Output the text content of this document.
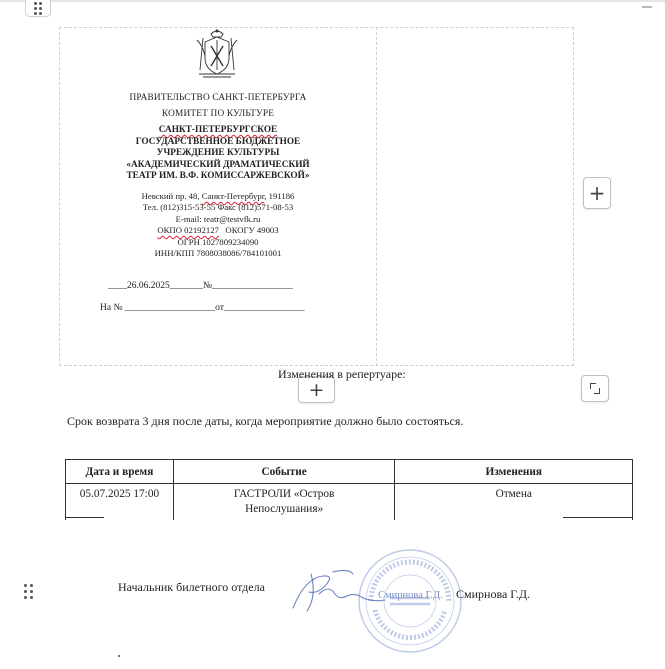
ПРАВИТЕЛЬСТВО САНКТ-ПЕТЕРБУРГА
КОМИТЕТ ПО КУЛЬТУРЕ
САНКТ-ПЕТЕРБУРГСКОЕ
ГОСУДАРСТВЕННОЕ БЮДЖЕТНОЕ
УЧРЕЖДЕНИЕ КУЛЬТУРЫ
«АКАДЕМИЧЕСКИЙ ДРАМАТИЧЕСКИЙ
ТЕАТР ИМ. В.Ф. КОМИССАРЖЕВСКОЙ»
Невский пр. 48, Санкт-Петербург, 191186
Тел. (812)315-53-55 Факс (812)571-08-53
E-mail: teatr@testvfk.ru
ОКПО 02192127 ОКОГУ 49003
ОГРН 1027809234090
ИНН/КПП 7808038086/784101001
____26.06.2025_______№_________________
На № ___________________от_________________
+
+
Изменения в репертуаре:
Срок возврата 3 дня после даты, когда мероприятие должно было состояться.
Дата и время	Событие	Изменения
05.07.2025 17:00	ГАСТРОЛИ «Остров
Непослушания»	Отмена
Смирнова Г.Д.
Начальник билетного отдела	Смирнова Г.Д.
